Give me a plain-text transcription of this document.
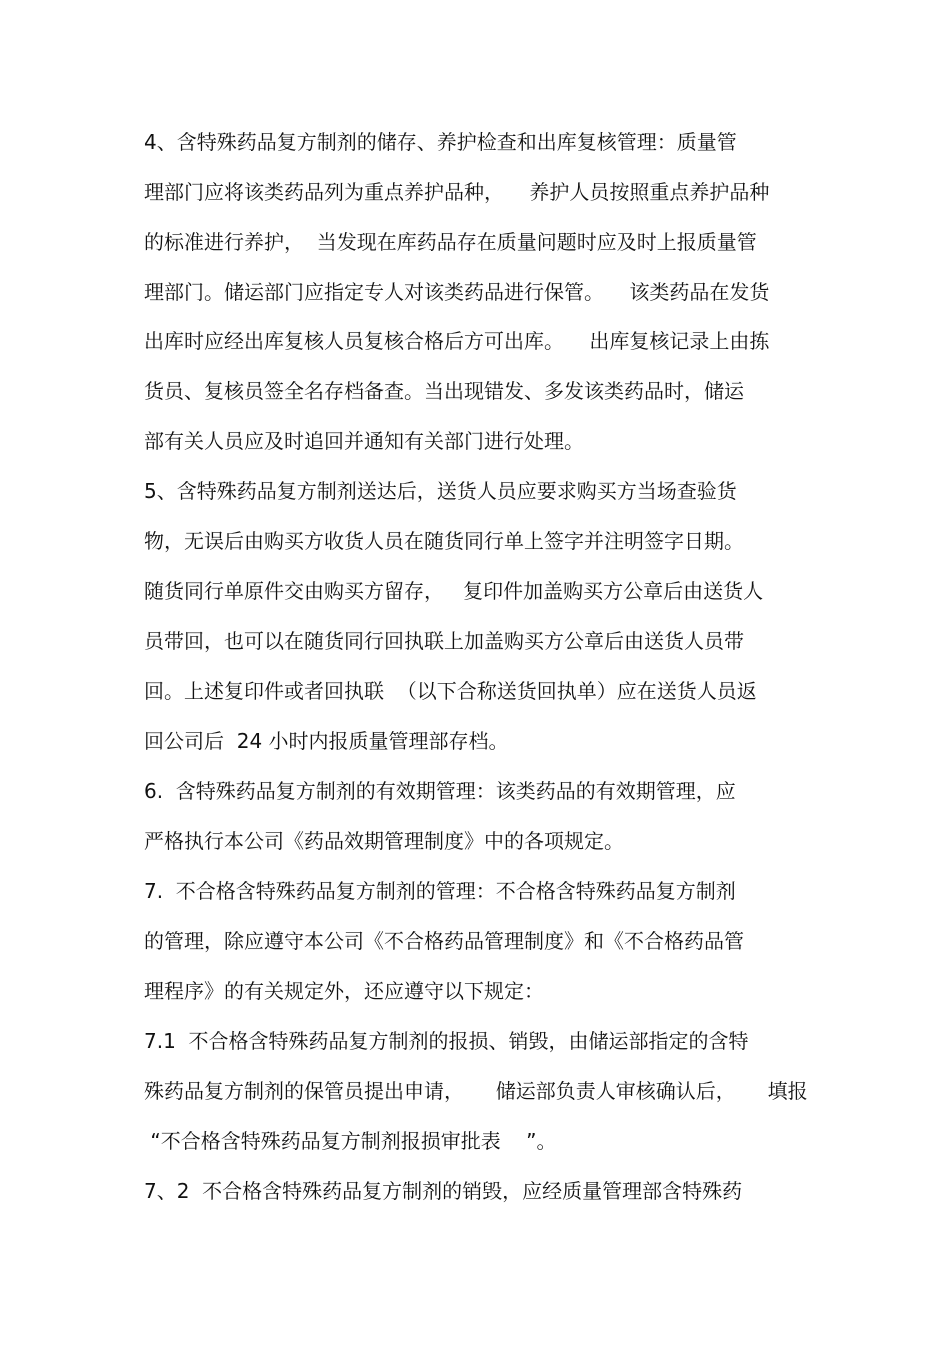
4、含特殊药品复方制剂的储存、养护检查和出库复核管理：质量管

理部门应将该类药品列为重点养护品种，    养护人员按照重点养护品种

的标准进行养护，  当发现在库药品存在质量问题时应及时上报质量管

理部门。储运部门应指定专人对该类药品进行保管。    该类药品在发货

出库时应经出库复核人员复核合格后方可出库。    出库复核记录上由拣

货员、复核员签全名存档备查。当出现错发、多发该类药品时，储运

部有关人员应及时追回并通知有关部门进行处理。

5、含特殊药品复方制剂送达后，送货人员应要求购买方当场查验货

物，无误后由购买方收货人员在随货同行单上签字并注明签字日期。

随货同行单原件交由购买方留存，   复印件加盖购买方公章后由送货人

员带回，也可以在随货同行回执联上加盖购买方公章后由送货人员带

回。上述复印件或者回执联  （以下合称送货回执单）应在送货人员返

回公司后  24 小时内报质量管理部存档。

6.  含特殊药品复方制剂的有效期管理：该类药品的有效期管理，应

严格执行本公司《药品效期管理制度》中的各项规定。

7.  不合格含特殊药品复方制剂的管理：不合格含特殊药品复方制剂

的管理，除应遵守本公司《不合格药品管理制度》和《不合格药品管

理程序》的有关规定外，还应遵守以下规定：

7.1  不合格含特殊药品复方制剂的报损、销毁，由储运部指定的含特

殊药品复方制剂的保管员提出申请，     储运部负责人审核确认后，     填报

“不合格含特殊药品复方制剂报损审批表    ”。

7、2  不合格含特殊药品复方制剂的销毁，应经质量管理部含特殊药
